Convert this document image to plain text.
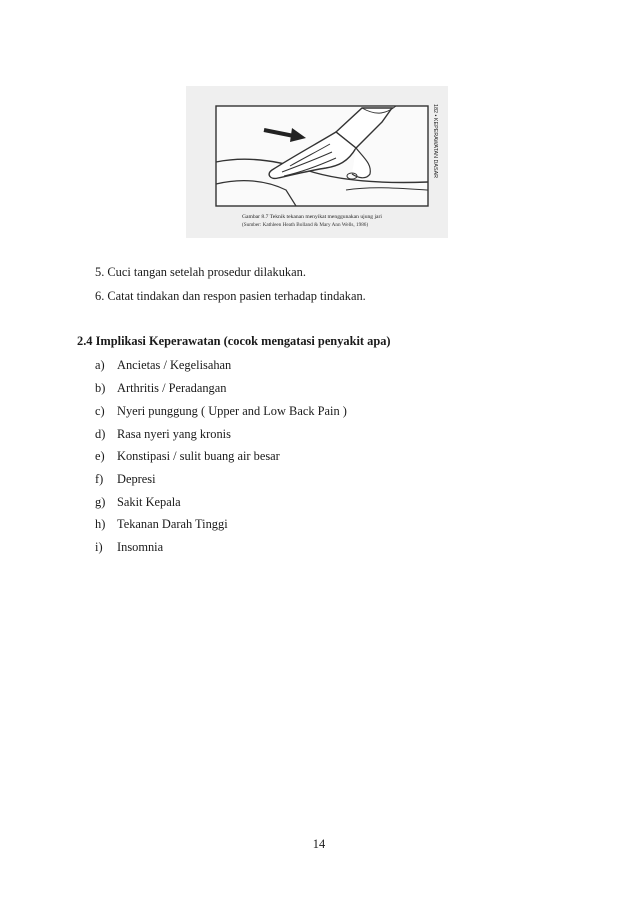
Gambar 8.7 Teknik tekanan menyikat menggunakan ujung jari
(Sumber: Kathleen Heath Bolland & Mary Ann Wells, 1986)
182 • KEPERAWATAN DASAR
5. Cuci tangan setelah prosedur dilakukan.
6. Catat tindakan dan respon pasien terhadap tindakan.
2.4 Implikasi Keperawatan (cocok mengatasi penyakit apa)
a) Ancietas / Kegelisahan
b) Arthritis / Peradangan
c) Nyeri punggung ( Upper and Low Back Pain )
d) Rasa nyeri yang kronis
e) Konstipasi / sulit buang air besar
f) Depresi
g) Sakit Kepala
h) Tekanan Darah Tinggi
i) Insomnia
14
